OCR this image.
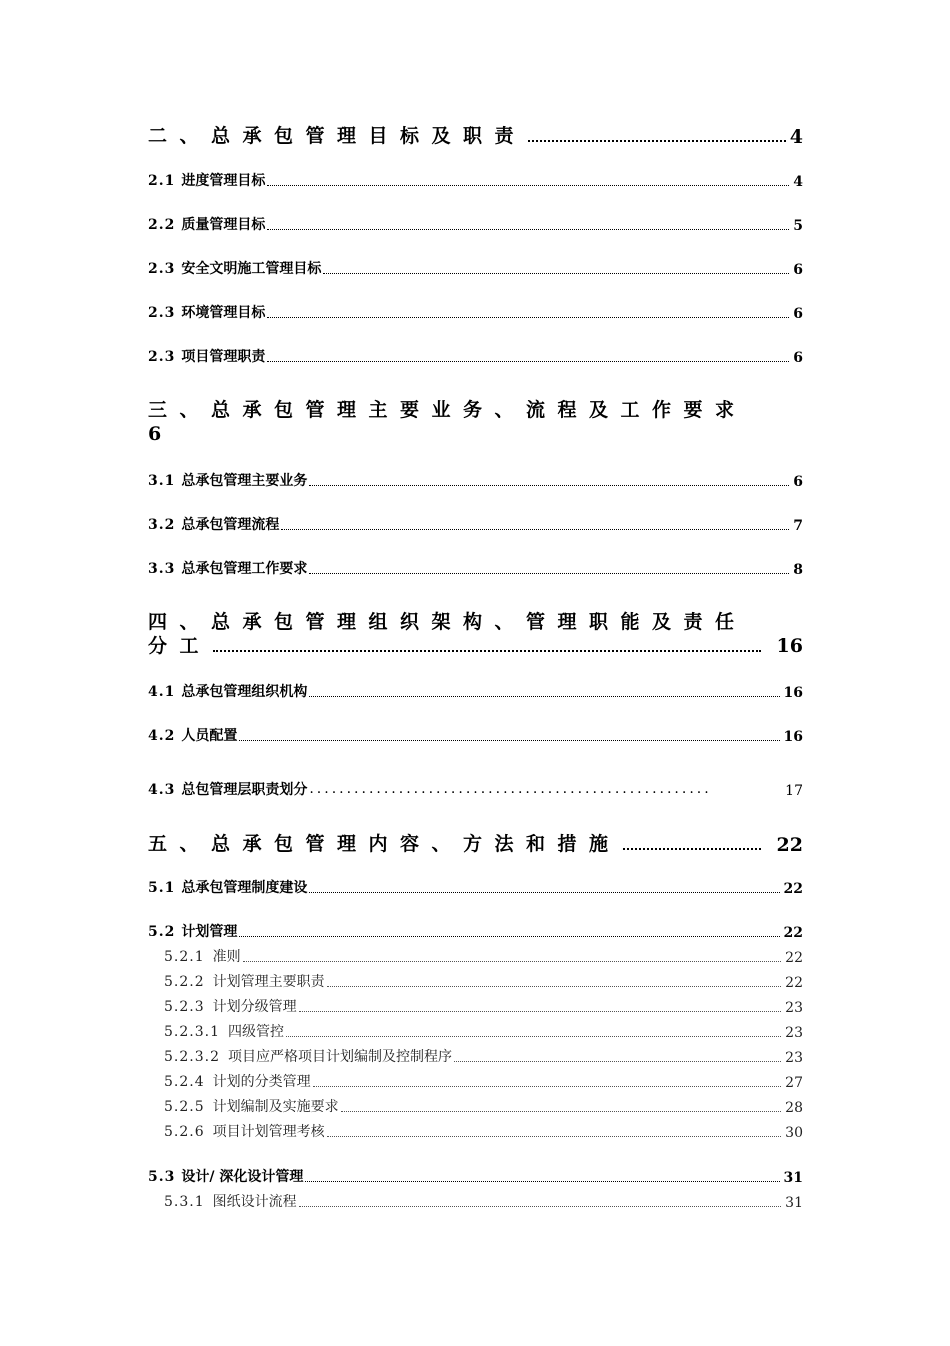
二、总承包管理目标及职责	4
2.1 进度管理目标	4
2.2 质量管理目标	5
2.3 安全文明施工管理目标	6
2.3 环境管理目标	6
2.3 项目管理职责	6
三、总承包管理主要业务、流程及工作要求
6
3.1 总承包管理主要业务	6
3.2 总承包管理流程	7
3.3 总承包管理工作要求	8
四、总承包管理组织架构、管理职能及责任
分工	16
4.1 总承包管理组织机构	16
4.2 人员配置	16
4.3 总包管理层职责划分 ......................................................	17
五、总承包管理内容、方法和措施	22
5.1 总承包管理制度建设	22
5.2 计划管理	22
5.2.1 准则	22
5.2.2 计划管理主要职责	22
5.2.3 计划分级管理	23
5.2.3.1 四级管控	23
5.2.3.2 项目应严格项目计划编制及控制程序	23
5.2.4 计划的分类管理	27
5.2.5 计划编制及实施要求	28
5.2.6 项目计划管理考核	30
5.3 设计/ 深化设计管理	31
5.3.1 图纸设计流程	31
